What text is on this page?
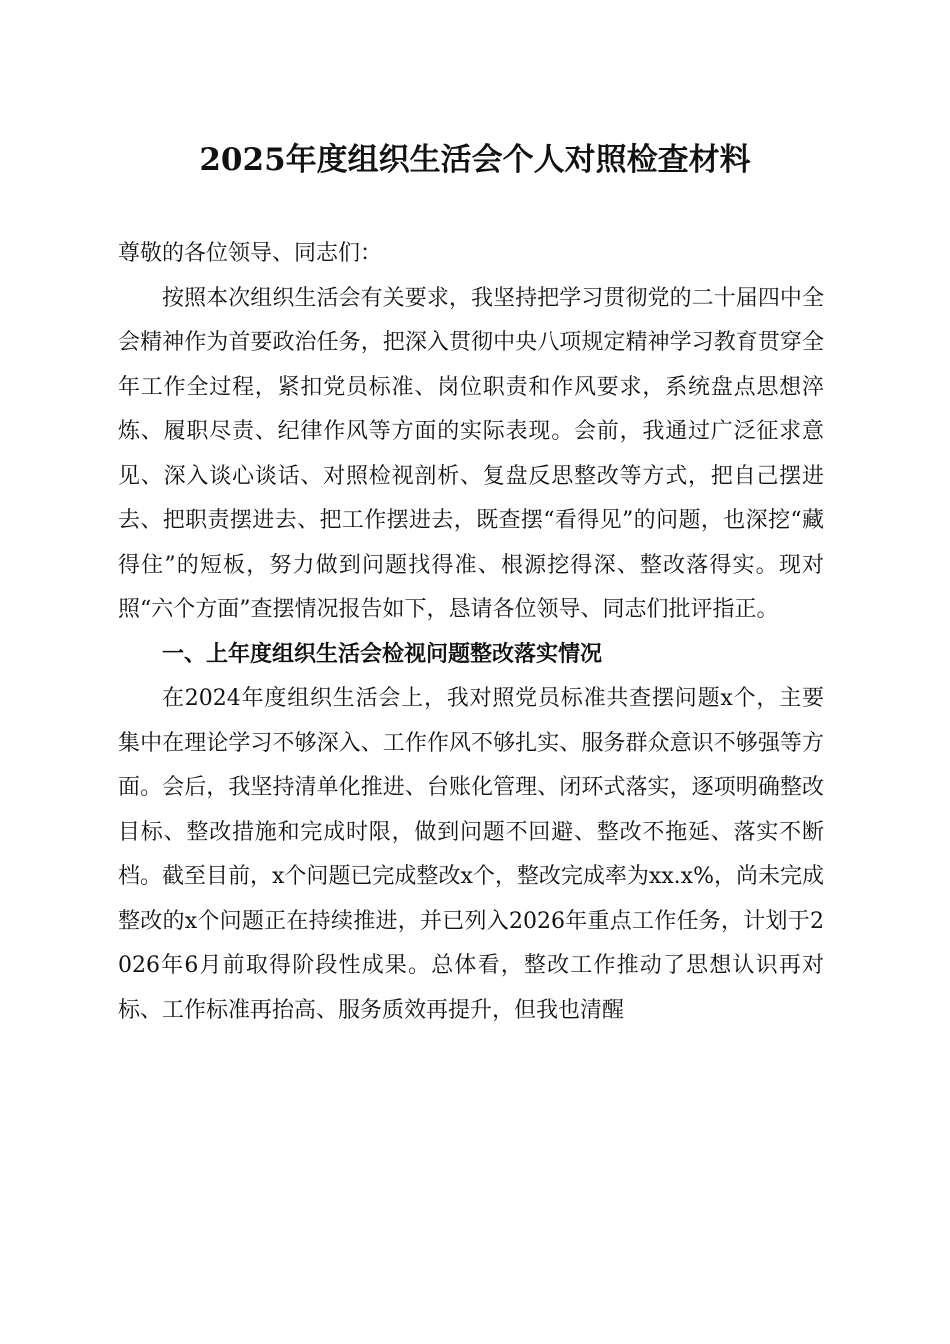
2025年度组织生活会个人对照检查材料

尊敬的各位领导、同志们：

按照本次组织生活会有关要求，我坚持把学习贯彻党的二十届四中全会精神作为首要政治任务，把深入贯彻中央八项规定精神学习教育贯穿全年工作全过程，紧扣党员标准、岗位职责和作风要求，系统盘点思想淬炼、履职尽责、纪律作风等方面的实际表现。会前，我通过广泛征求意见、深入谈心谈话、对照检视剖析、复盘反思整改等方式，把自己摆进去、把职责摆进去、把工作摆进去，既查摆“看得见”的问题，也深挖“藏得住”的短板，努力做到问题找得准、根源挖得深、整改落得实。现对照“六个方面”查摆情况报告如下，恳请各位领导、同志们批评指正。

一、上年度组织生活会检视问题整改落实情况

在2024年度组织生活会上，我对照党员标准共查摆问题x个，主要集中在理论学习不够深入、工作作风不够扎实、服务群众意识不够强等方面。会后，我坚持清单化推进、台账化管理、闭环式落实，逐项明确整改目标、整改措施和完成时限，做到问题不回避、整改不拖延、落实不断档。截至目前，x个问题已完成整改x个，整改完成率为xx.x%，尚未完成整改的x个问题正在持续推进，并已列入2026年重点工作任务，计划于2026年6月前取得阶段性成果。总体看，整改工作推动了思想认识再对标、工作标准再抬高、服务质效再提升，但我也清醒
